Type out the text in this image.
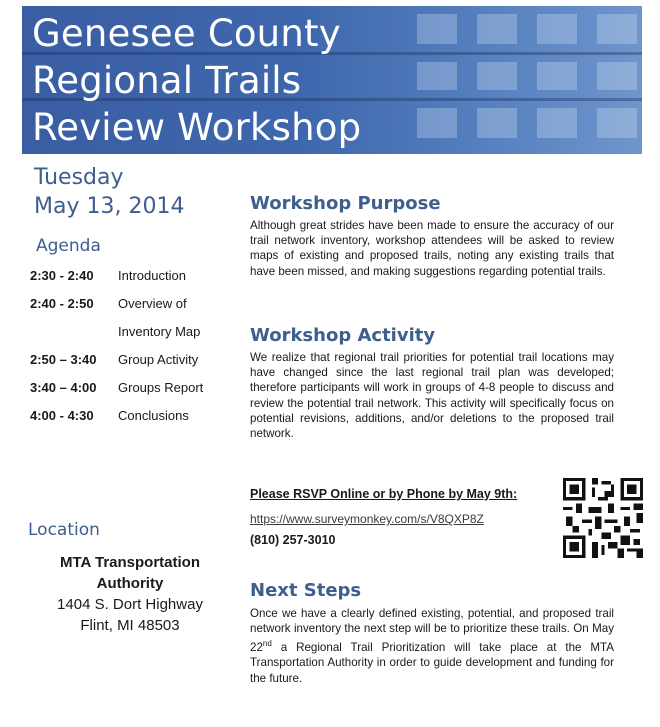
Genesee County
Regional Trails
Review Workshop
Tuesday
May 13, 2014
Agenda
2:30 - 2:40 Introduction
2:40 - 2:50 Overview of
Inventory Map
2:50 – 3:40 Group Activity
3:40 – 4:00 Groups Report
4:00 - 4:30 Conclusions
Location
MTA Transportation
Authority
1404 S. Dort Highway
Flint, MI 48503
Workshop Purpose

Although great strides have been made to ensure the accuracy of our trail network inventory, workshop attendees will be asked to review maps of existing and proposed trails, noting any existing trails that have been missed, and making suggestions regarding potential trails.

Workshop Activity

We realize that regional trail priorities for potential trail locations may have changed since the last regional trail plan was developed; therefore participants will work in groups of 4-8 people to discuss and review the potential trail network. This activity will specifically focus on potential revisions, additions, and/or deletions to the proposed trail network.

Please RSVP Online or by Phone by May 9th:
https://www.surveymonkey.com/s/V8QXP8Z
(810) 257-3010
Next Steps

Once we have a clearly defined existing, potential, and proposed trail network inventory the next step will be to prioritize these trails. On May 22nd a Regional Trail Prioritization will take place at the MTA Transportation Authority in order to guide development and funding for the future.
